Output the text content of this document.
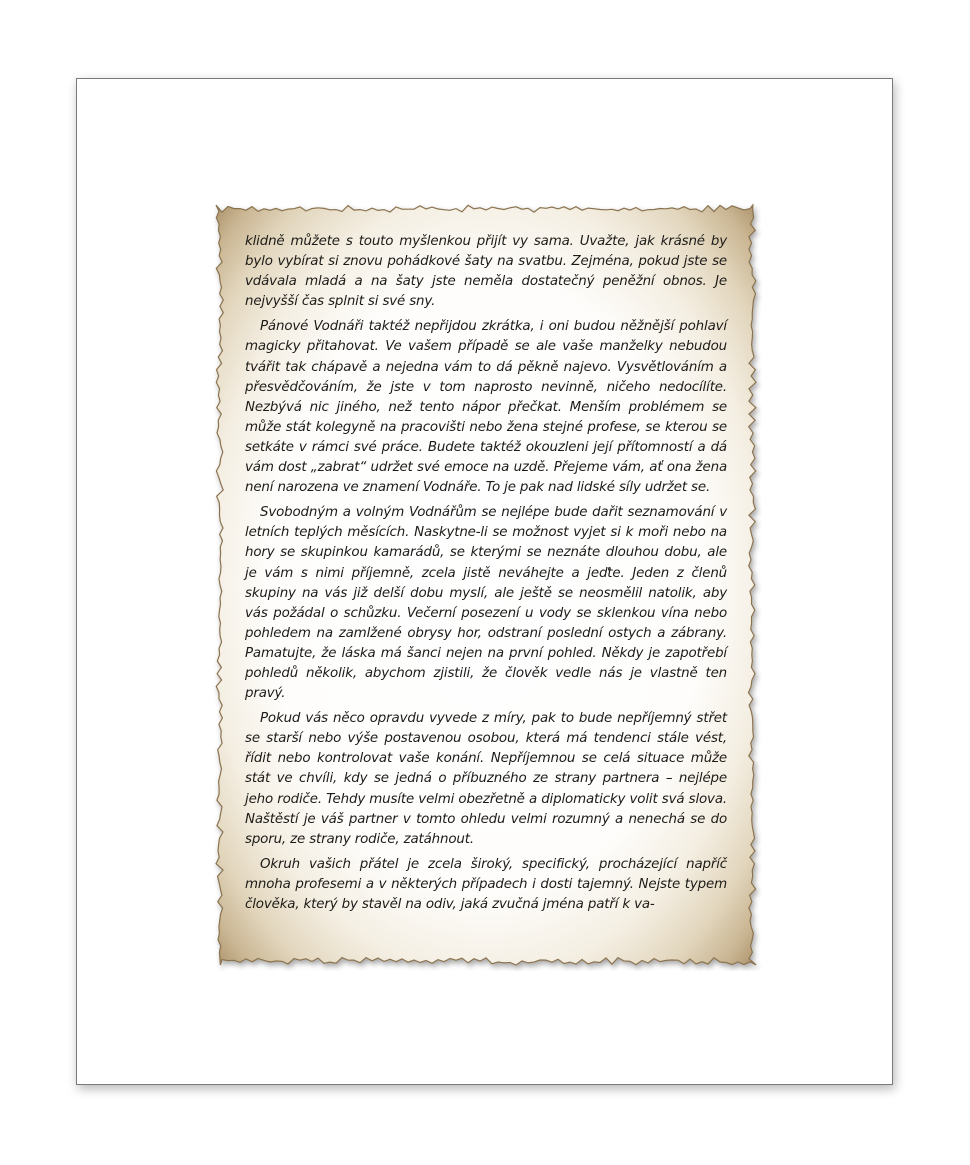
klidně můžete s touto myšlenkou přijít vy sama. Uvažte, jak krásné by bylo vybírat si znovu pohádkové šaty na svatbu. Zejména, pokud jste se vdávala mladá a na šaty jste neměla dostatečný peněžní obnos. Je nejvyšší čas splnit si své sny.

Pánové Vodnáři taktéž nepřijdou zkrátka, i oni budou něžnější pohlaví magicky přitahovat. Ve vašem případě se ale vaše manželky nebudou tvářit tak chápavě a nejedna vám to dá pěkně najevo. Vysvětlováním a přesvědčováním, že jste v tom naprosto nevinně, ničeho nedocílíte. Nezbývá nic jiného, než tento nápor přečkat. Menším problémem se může stát kolegyně na pracovišti nebo žena stejné profese, se kterou se setkáte v rámci své práce. Budete taktéž okouzleni její přítomností a dá vám dost „zabrat“ udržet své emoce na uzdě. Přejeme vám, ať ona žena není narozena ve znamení Vodnáře. To je pak nad lidské síly udržet se.

Svobodným a volným Vodnářům se nejlépe bude dařit seznamování v letních teplých měsících. Naskytne-li se možnost vyjet si k moři nebo na hory se skupinkou kamarádů, se kterými se neznáte dlouhou dobu, ale je vám s nimi příjemně, zcela jistě neváhejte a jeďte. Jeden z členů skupiny na vás již delší dobu myslí, ale ještě se neosmělil natolik, aby vás požádal o schůzku. Večerní posezení u vody se sklenkou vína nebo pohledem na zamlžené obrysy hor, odstraní poslední ostych a zábrany. Pamatujte, že láska má šanci nejen na první pohled. Někdy je zapotřebí pohledů několik, abychom zjistili, že člověk vedle nás je vlastně ten pravý.

Pokud vás něco opravdu vyvede z míry, pak to bude nepříjemný střet se starší nebo výše postavenou osobou, která má tendenci stále vést, řídit nebo kontrolovat vaše konání. Nepříjemnou se celá situace může stát ve chvíli, kdy se jedná o příbuzného ze strany partnera – nejlépe jeho rodiče. Tehdy musíte velmi obezřetně a diplomaticky volit svá slova. Naštěstí je váš partner v tomto ohledu velmi rozumný a nenechá se do sporu, ze strany rodiče, zatáhnout.

Okruh vašich přátel je zcela široký, specifický, procházející napříč mnoha profesemi a v některých případech i dosti tajemný. Nejste typem člověka, který by stavěl na odiv, jaká zvučná jména patří k va-
